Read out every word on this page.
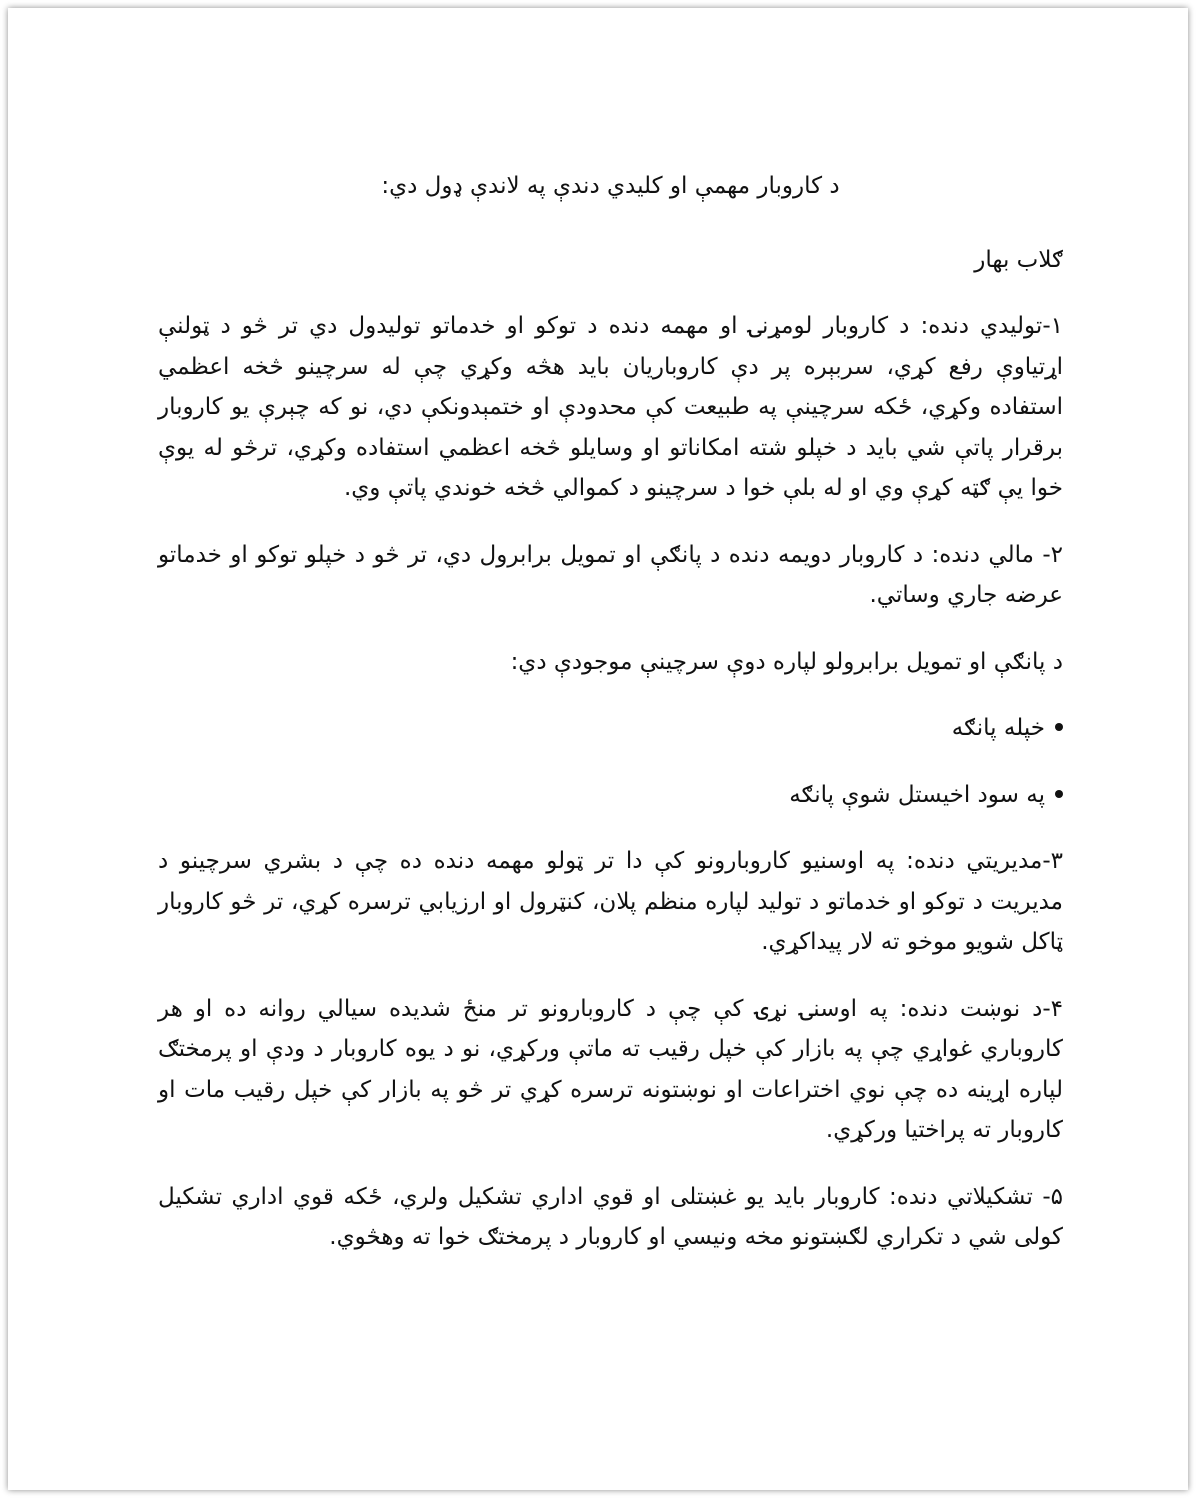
د کاروبار مهمې او کليدي دندې په لاندې ډول دي:

ګلاب بهار

۱-توليدي دنده: د کاروبار لومړنۍ او مهمه دنده د توکو او خدماتو توليدول دي تر څو د ټولنې اړتياوې رفع کړي، سربېره پر دې کاروباريان بايد هڅه وکړي چې له سرچينو څخه اعظمي استفاده وکړي، ځکه سرچينې په طبيعت کې محدودې او ختمېدونکې دي، نو که چېرې يو کاروبار برقرار پاتې شي بايد د خپلو شته امکاناتو او وسايلو څخه اعظمي استفاده وکړي، ترڅو له يوې خوا يې ګټه کړې وي او له بلې خوا د سرچينو د کموالي څخه خوندي پاتې وي.

۲- مالي دنده: د کاروبار دويمه دنده د پانګې او تمويل برابرول دي، تر څو د خپلو توکو او خدماتو عرضه جاري وساتي.

د پانګې او تمويل برابرولو لپاره دوې سرچينې موجودې دي:

خپله پانګه
په سود اخيستل شوې پانګه

۳-مديريتي دنده: په اوسنيو کاروبارونو کې دا تر ټولو مهمه دنده ده چې د بشري سرچينو د مديريت د توکو او خدماتو د توليد لپاره منظم پلان، کنټرول او ارزيابي ترسره کړي، تر څو کاروبار ټاکل شويو موخو ته لار پيداکړي.

۴-د نوښت دنده: په اوسنۍ نړۍ کې چې د کاروبارونو تر منځ شديده سيالي روانه ده او هر کاروباري غواړي چې په بازار کې خپل رقيب ته ماتې ورکړي، نو د يوه کاروبار د ودې او پرمختګ لپاره اړينه ده چې نوي اختراعات او نوښتونه ترسره کړي تر څو په بازار کې خپل رقيب مات او کاروبار ته پراختيا ورکړي.

۵- تشکيلاتي دنده: کاروبار بايد يو غښتلی او قوي اداري تشکيل ولري، ځکه قوي اداري تشکيل کولی شي د تکراري لګښتونو مخه ونيسي او کاروبار د پرمختګ خوا ته وهڅوي.
